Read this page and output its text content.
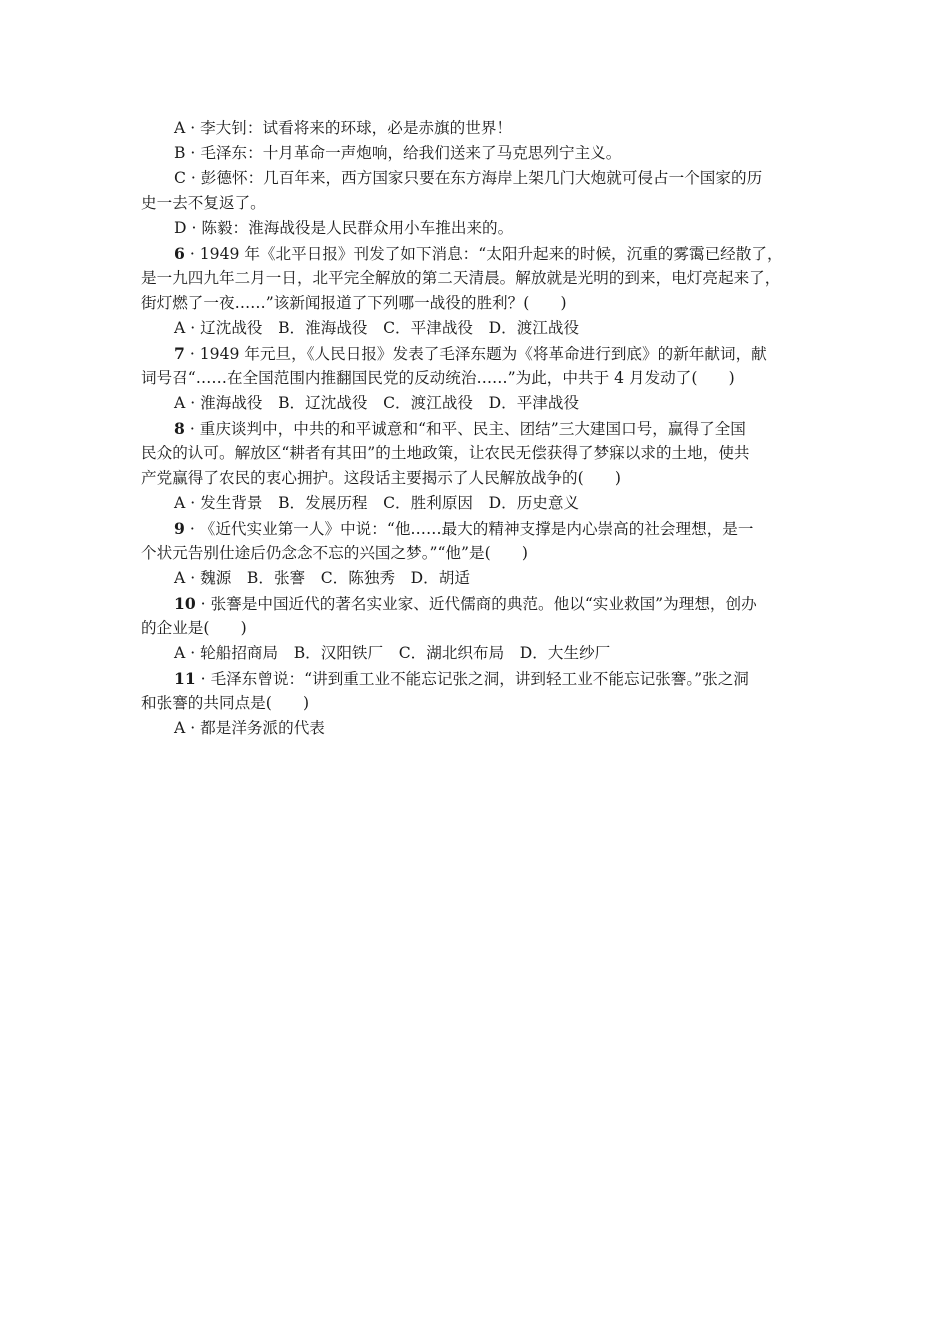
A · 李大钊：试看将来的环球，必是赤旗的世界！
B · 毛泽东：十月革命一声炮响，给我们送来了马克思列宁主义。
C · 彭德怀：几百年来，西方国家只要在东方海岸上架几门大炮就可侵占一个国家的历
史一去不复返了。
D · 陈毅：淮海战役是人民群众用小车推出来的。
6 · 1949 年《北平日报》刊发了如下消息：“太阳升起来的时候，沉重的雾霭已经散了，
是一九四九年二月一日，北平完全解放的第二天清晨。解放就是光明的到来，电灯亮起来了，
街灯燃了一夜……”该新闻报道了下列哪一战役的胜利？(　　)
A · 辽沈战役　B．淮海战役　C．平津战役　D．渡江战役
7 · 1949 年元旦，《人民日报》发表了毛泽东题为《将革命进行到底》的新年献词，献
词号召“……在全国范围内推翻国民党的反动统治……”为此，中共于 4 月发动了(　　)
A · 淮海战役　B．辽沈战役　C．渡江战役　D．平津战役
8 · 重庆谈判中，中共的和平诚意和“和平、民主、团结”三大建国口号，赢得了全国
民众的认可。解放区“耕者有其田”的土地政策，让农民无偿获得了梦寐以求的土地，使共
产党赢得了农民的衷心拥护。这段话主要揭示了人民解放战争的(　　)
A · 发生背景　B．发展历程　C．胜利原因　D．历史意义
9 · 《近代实业第一人》中说：“他……最大的精神支撑是内心崇高的社会理想，是一
个状元告别仕途后仍念念不忘的兴国之梦。”“他”是(　　)
A · 魏源　B．张謇　C．陈独秀　D．胡适
10 · 张謇是中国近代的著名实业家、近代儒商的典范。他以“实业救国”为理想，创办
的企业是(　　)
A · 轮船招商局　B．汉阳铁厂　C．湖北织布局　D．大生纱厂
11 · 毛泽东曾说：“讲到重工业不能忘记张之洞，讲到轻工业不能忘记张謇。”张之洞
和张謇的共同点是(　　)
A · 都是洋务派的代表
